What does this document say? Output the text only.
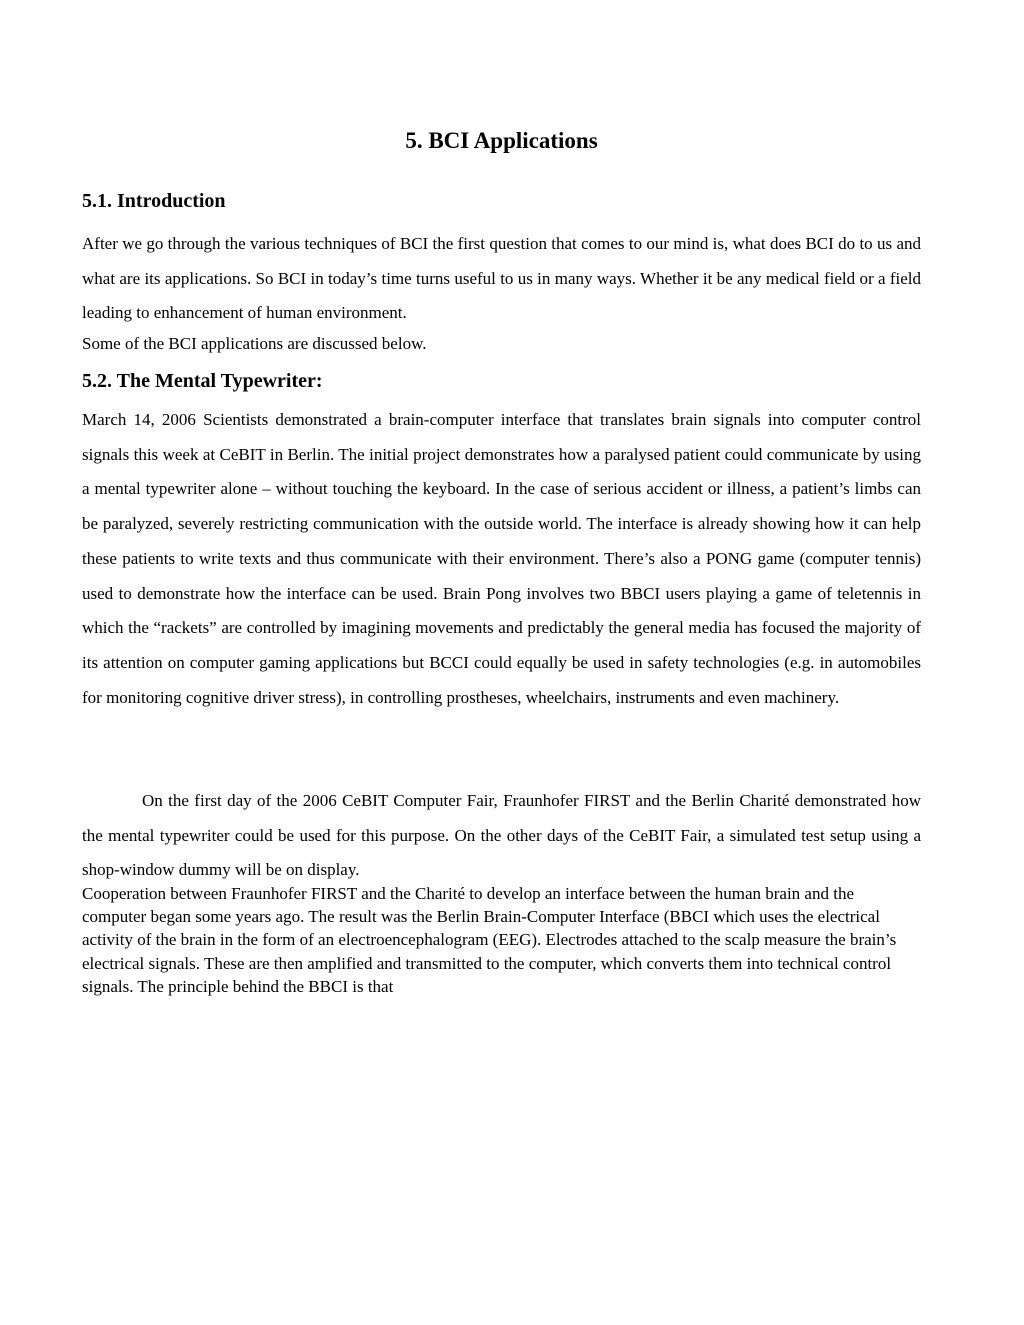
5. BCI Applications
5.1. Introduction

After we go through the various techniques of BCI the first question that comes to our mind is, what does BCI do to us and what are its applications. So BCI in today’s time turns useful to us in many ways. Whether it be any medical field or a field leading to enhancement of human environment.

Some of the BCI applications are discussed below.

5.2. The Mental Typewriter:

March 14, 2006 Scientists demonstrated a brain-computer interface that translates brain signals into computer control signals this week at CeBIT in Berlin. The initial project demonstrates how a paralysed patient could communicate by using a mental typewriter alone – without touching the keyboard. In the case of serious accident or illness, a patient’s limbs can be paralyzed, severely restricting communication with the outside world. The interface is already showing how it can help these patients to write texts and thus communicate with their environment. There’s also a PONG game (computer tennis) used to demonstrate how the interface can be used. Brain Pong involves two BBCI users playing a game of teletennis in which the “rackets” are controlled by imagining movements and predictably the general media has focused the majority of its attention on computer gaming applications but BCCI could equally be used in safety technologies (e.g. in automobiles for monitoring cognitive driver stress), in controlling prostheses, wheelchairs, instruments and even machinery.

On the first day of the 2006 CeBIT Computer Fair, Fraunhofer FIRST and the Berlin Charité demonstrated how the mental typewriter could be used for this purpose. On the other days of the CeBIT Fair, a simulated test setup using a shop-window dummy will be on display.

Cooperation between Fraunhofer FIRST and the Charité to develop an interface between the human brain and the computer began some years ago. The result was the Berlin Brain-Computer Interface (BBCI which uses the electrical activity of the brain in the form of an electroencephalogram (EEG). Electrodes attached to the scalp measure the brain’s electrical signals. These are then amplified and transmitted to the computer, which converts them into technical control signals. The principle behind the BBCI is that
